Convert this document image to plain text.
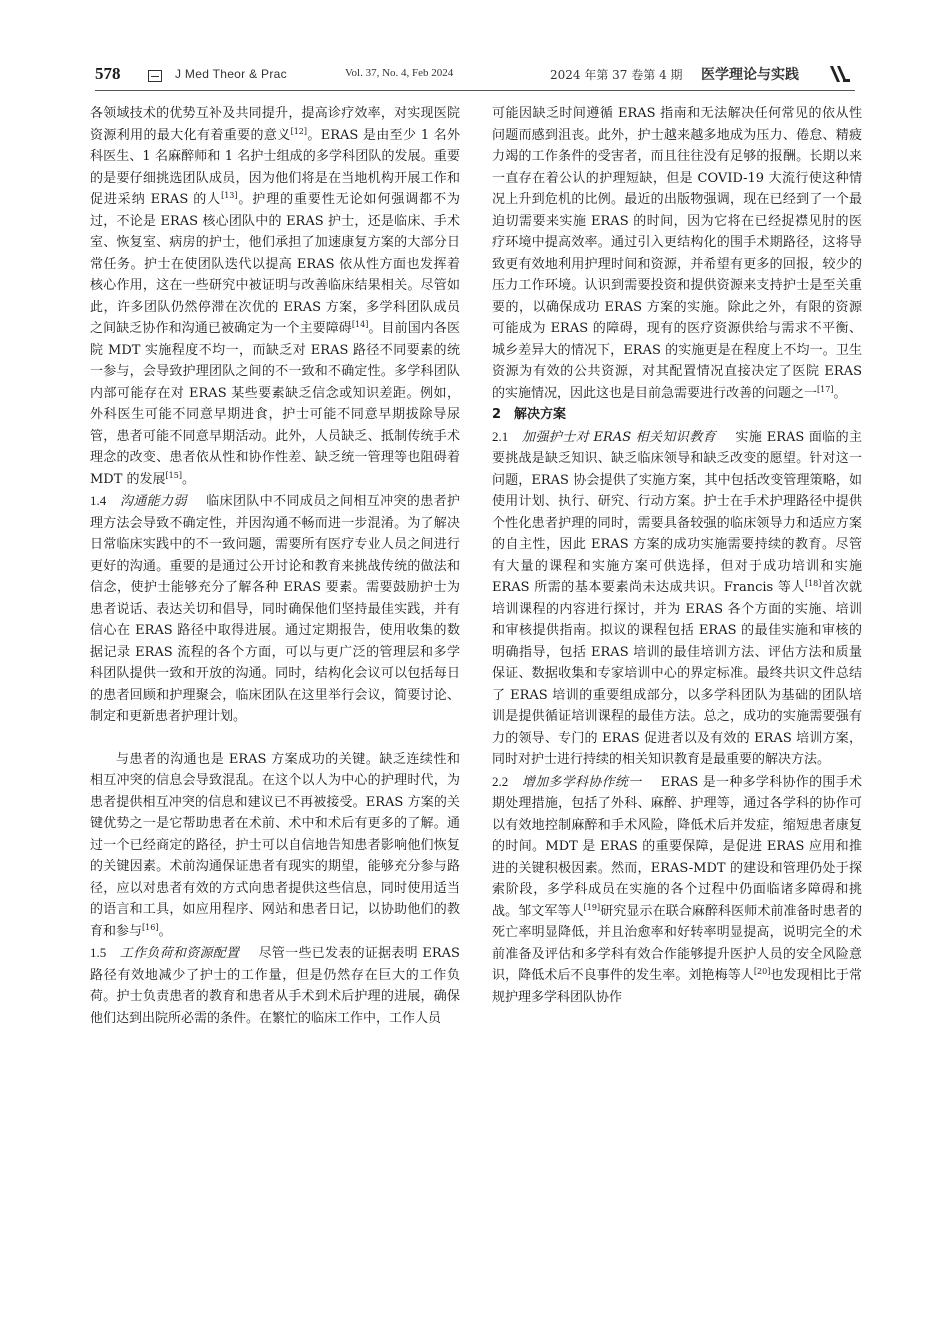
578	J Med Theor & Prac	Vol. 37, No. 4, Feb 2024	2024 年第 37 卷第 4 期 医学理论与实践

各领域技术的优势互补及共同提升，提高诊疗效率，对实现医院资源利用的最大化有着重要的意义[12]。ERAS 是由至少 1 名外科医生、1 名麻醉师和 1 名护士组成的多学科团队的发展。重要的是要仔细挑选团队成员，因为他们将是在当地机构开展工作和促进采纳 ERAS 的人[13]。护理的重要性无论如何强调都不为过，不论是 ERAS 核心团队中的 ERAS 护士，还是临床、手术室、恢复室、病房的护士，他们承担了加速康复方案的大部分日常任务。护士在使团队迭代以提高 ERAS 依从性方面也发挥着核心作用，这在一些研究中被证明与改善临床结果相关。尽管如此，许多团队仍然停滞在次优的 ERAS 方案，多学科团队成员之间缺乏协作和沟通已被确定为一个主要障碍[14]。目前国内各医院 MDT 实施程度不均一，而缺乏对 ERAS 路径不同要素的统一参与，会导致护理团队之间的不一致和不确定性。多学科团队内部可能存在对 ERAS 某些要素缺乏信念或知识差距。例如，外科医生可能不同意早期进食，护士可能不同意早期拔除导尿管，患者可能不同意早期活动。此外，人员缺乏、抵制传统手术理念的改变、患者依从性和协作性差、缺乏统一管理等也阻碍着 MDT 的发展[15]。

1.4　 沟通能力弱　 临床团队中不同成员之间相互冲突的患者护理方法会导致不确定性，并因沟通不畅而进一步混淆。为了解决日常临床实践中的不一致问题，需要所有医疗专业人员之间进行更好的沟通。重要的是通过公开讨论和教育来挑战传统的做法和信念，使护士能够充分了解各种 ERAS 要素。需要鼓励护士为患者说话、表达关切和倡导，同时确保他们坚持最佳实践，并有信心在 ERAS 路径中取得进展。通过定期报告，使用收集的数据记录 ERAS 流程的各个方面，可以与更广泛的管理层和多学科团队提供一致和开放的沟通。同时，结构化会议可以包括每日的患者回顾和护理聚会，临床团队在这里举行会议，简要讨论、制定和更新患者护理计划。

与患者的沟通也是 ERAS 方案成功的关键。缺乏连续性和相互冲突的信息会导致混乱。在这个以人为中心的护理时代，为患者提供相互冲突的信息和建议已不再被接受。ERAS 方案的关键优势之一是它帮助患者在术前、术中和术后有更多的了解。通过一个已经商定的路径，护士可以自信地告知患者影响他们恢复的关键因素。术前沟通保证患者有现实的期望，能够充分参与路径，应以对患者有效的方式向患者提供这些信息，同时使用适当的语言和工具，如应用程序、网站和患者日记，以协助他们的教育和参与[16]。

1.5　 工作负荷和资源配置　 尽管一些已发表的证据表明 ERAS 路径有效地减少了护士的工作量，但是仍然存在巨大的工作负荷。护士负责患者的教育和患者从手术到术后护理的进展，确保他们达到出院所必需的条件。在繁忙的临床工作中，工作人员

可能因缺乏时间遵循 ERAS 指南和无法解决任何常见的依从性问题而感到沮丧。此外，护士越来越多地成为压力、倦怠、精疲力竭的工作条件的受害者，而且往往没有足够的报酬。长期以来一直存在着公认的护理短缺，但是 COVID-19 大流行使这种情况上升到危机的比例。最近的出版物强调，现在已经到了一个最迫切需要来实施 ERAS 的时间，因为它将在已经捉襟见肘的医疗环境中提高效率。通过引入更结构化的围手术期路径，这将导致更有效地利用护理时间和资源，并希望有更多的回报，较少的压力工作环境。认识到需要投资和提供资源来支持护士是至关重要的，以确保成功 ERAS 方案的实施。除此之外，有限的资源可能成为 ERAS 的障碍，现有的医疗资源供给与需求不平衡、城乡差异大的情况下，ERAS 的实施更是在程度上不均一。卫生资源为有效的公共资源，对其配置情况直接决定了医院 ERAS 的实施情况，因此这也是目前急需要进行改善的问题之一[17]。

2　解决方案

2.1　 加强护士对 ERAS 相关知识教育　 实施 ERAS 面临的主要挑战是缺乏知识、缺乏临床领导和缺乏改变的愿望。针对这一问题，ERAS 协会提供了实施方案，其中包括改变管理策略，如使用计划、执行、研究、行动方案。护士在手术护理路径中提供个性化患者护理的同时，需要具备较强的临床领导力和适应方案的自主性，因此 ERAS 方案的成功实施需要持续的教育。尽管有大量的课程和实施方案可供选择，但对于成功培训和实施 ERAS 所需的基本要素尚未达成共识。Francis 等人[18]首次就培训课程的内容进行探讨，并为 ERAS 各个方面的实施、培训和审核提供指南。拟议的课程包括 ERAS 的最佳实施和审核的明确指导，包括 ERAS 培训的最佳培训方法、评估方法和质量保证、数据收集和专家培训中心的界定标准。最终共识文件总结了 ERAS 培训的重要组成部分，以多学科团队为基础的团队培训是提供循证培训课程的最佳方法。总之，成功的实施需要强有力的领导、专门的 ERAS 促进者以及有效的 ERAS 培训方案，同时对护士进行持续的相关知识教育是最重要的解决方法。

2.2　 增加多学科协作统一　 ERAS 是一种多学科协作的围手术期处理措施，包括了外科、麻醉、护理等，通过各学科的协作可以有效地控制麻醉和手术风险，降低术后并发症，缩短患者康复的时间。MDT 是 ERAS 的重要保障，是促进 ERAS 应用和推进的关键积极因素。然而，ERAS-MDT 的建设和管理仍处于探索阶段，多学科成员在实施的各个过程中仍面临诸多障碍和挑战。邹文军等人[19]研究显示在联合麻醉科医师术前准备时患者的死亡率明显降低，并且治愈率和好转率明显提高，说明完全的术前准备及评估和多学科有效合作能够提升医护人员的安全风险意识，降低术后不良事件的发生率。刘艳梅等人[20]也发现相比于常规护理多学科团队协作
